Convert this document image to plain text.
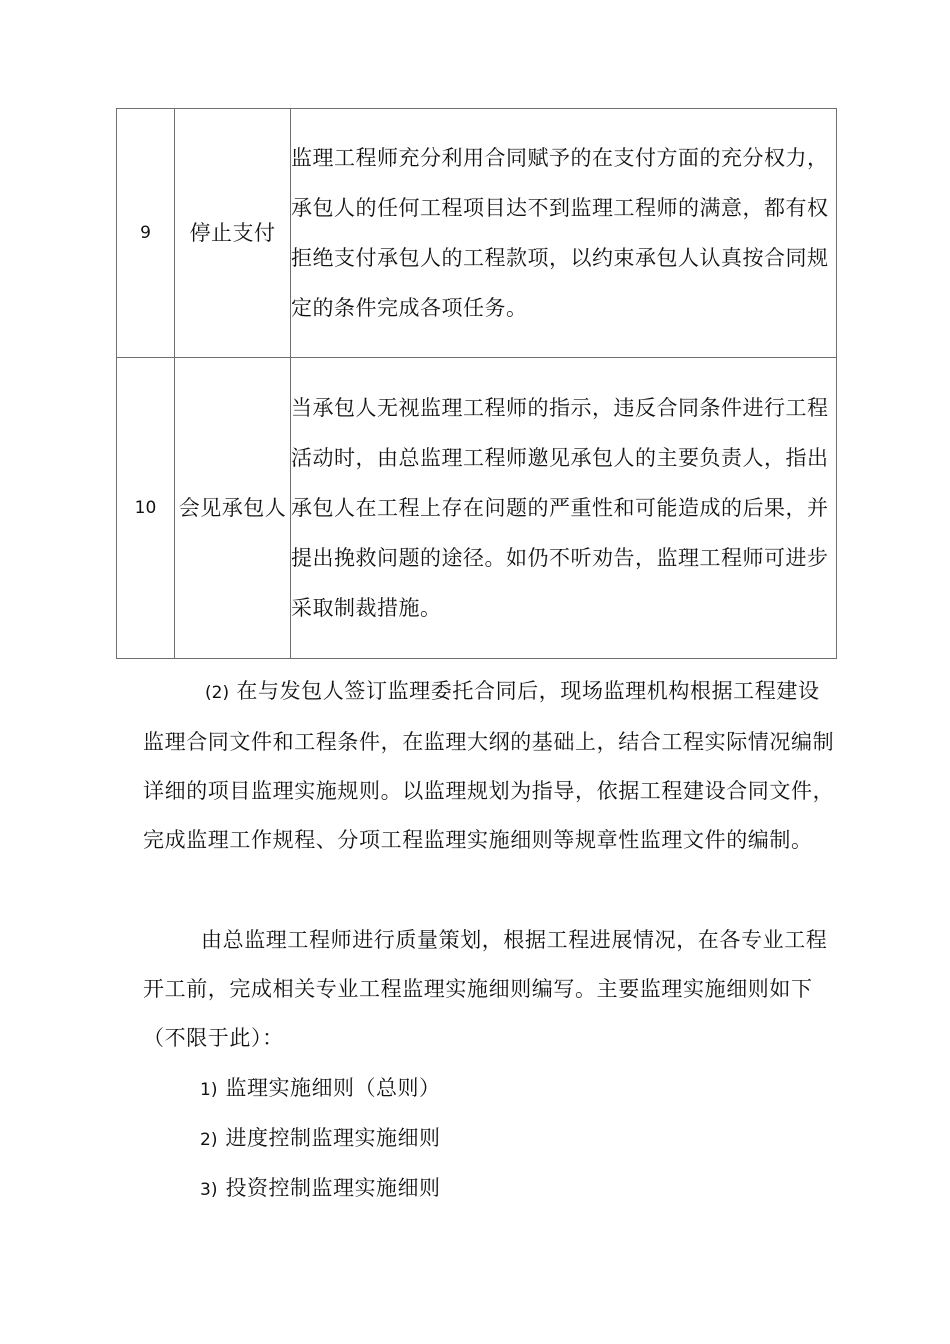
9	停止支付	监理工程师充分利用合同赋予的在支付方面的充分权力，承包人的任何工程项目达不到监理工程师的满意，都有权拒绝支付承包人的工程款项，以约束承包人认真按合同规定的条件完成各项任务。
10	会见承包人	当承包人无视监理工程师的指示，违反合同条件进行工程活动时，由总监理工程师邀见承包人的主要负责人，指出承包人在工程上存在问题的严重性和可能造成的后果，并提出挽救问题的途径。如仍不听劝告，监理工程师可进步采取制裁措施。

(2) 在与发包人签订监理委托合同后，现场监理机构根据工程建设监理合同文件和工程条件，在监理大纲的基础上，结合工程实际情况编制详细的项目监理实施规则。以监理规划为指导，依据工程建设合同文件，完成监理工作规程、分项工程监理实施细则等规章性监理文件的编制。

由总监理工程师进行质量策划，根据工程进展情况，在各专业工程开工前，完成相关专业工程监理实施细则编写。主要监理实施细则如下（不限于此）：

1) 监理实施细则（总则）
2) 进度控制监理实施细则
3) 投资控制监理实施细则
